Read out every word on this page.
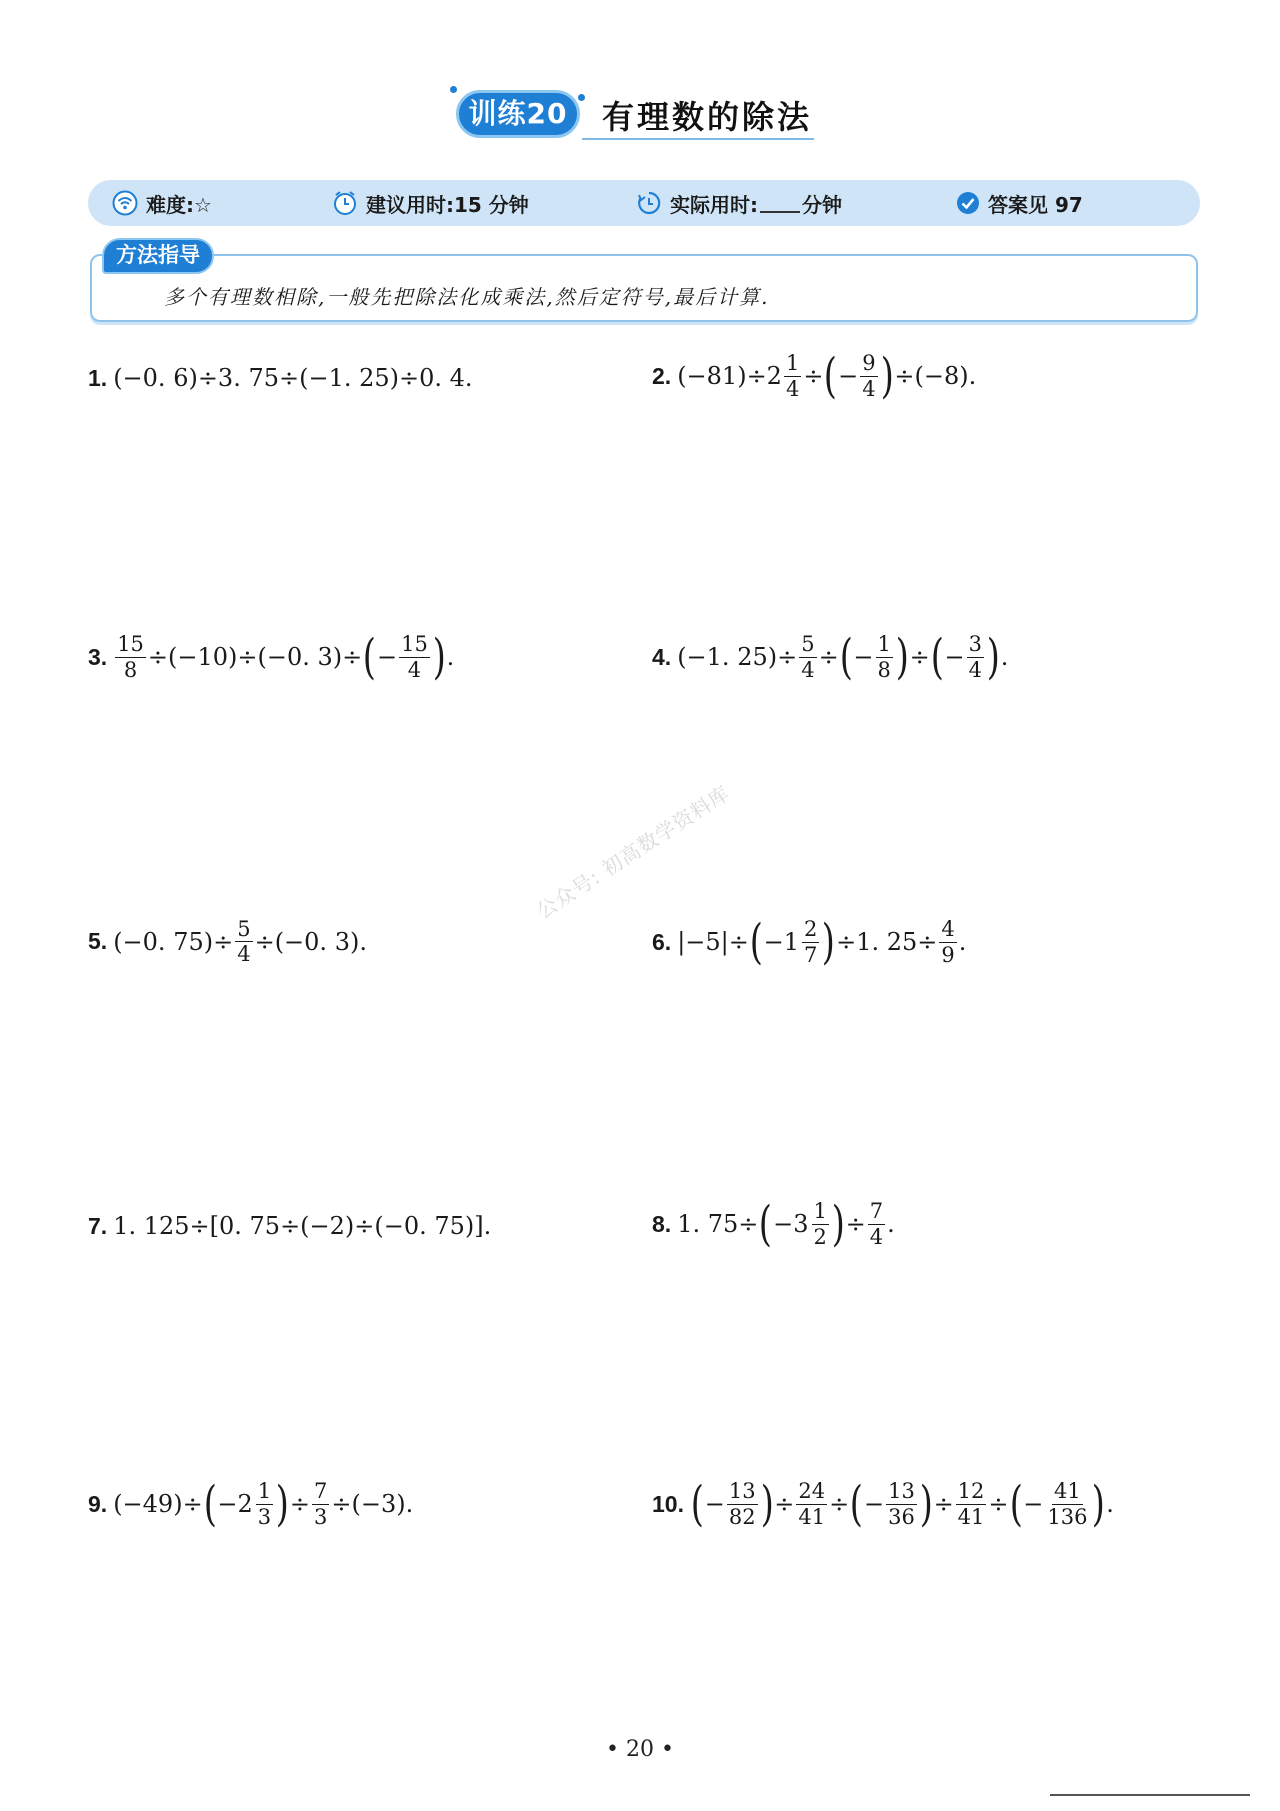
训练20	有理数的除法
难度:☆	建议用时:15 分钟	实际用时: 分钟	答案见 97
方法指导
多个有理数相除,一般先把除法化成乘法,然后定符号,最后计算.
1. (−0. 6)÷3. 75÷(−1. 25)÷0. 4.	2. $(-81)\div 2 \frac{1}{4}$ ÷ ( − $\frac{9}{4}$ ) ÷(−8).
3. $\frac{15}{8} \div(-10)\div(-0$. 3)÷ ( − $\frac{15}{4}$ ) .	4. (−1. $25)\div \frac{5}{4}$ ÷ ( − $\frac{1}{8}$ ) ÷ ( − $\frac{3}{4}$ ) .
5. (−0. $75)\div \frac{5}{4} \div(-0$. 3).	6. |−5|÷ ( $-1 \frac{2}{7}$ ) ÷1. $25\div \frac{4}{9}$ .
7. 1. 125÷[0. 75÷(−2)÷(−0. 75)].	8. 1. 75÷ ( $-3 \frac{1}{2}$ ) ÷ $\frac{7}{4}$ .
9. (−49)÷ ( $-2 \frac{1}{3}$ ) ÷ $\frac{7}{3} \div(-3)$.	10. ( − $\frac{13}{82}$ ) ÷ $\frac{24}{41}$ ÷ ( − $\frac{13}{36}$ ) ÷ $\frac{12}{41}$ ÷ ( − $\frac{41}{136}$ ) .
公众号: 初高数学资料库
• 20 •
